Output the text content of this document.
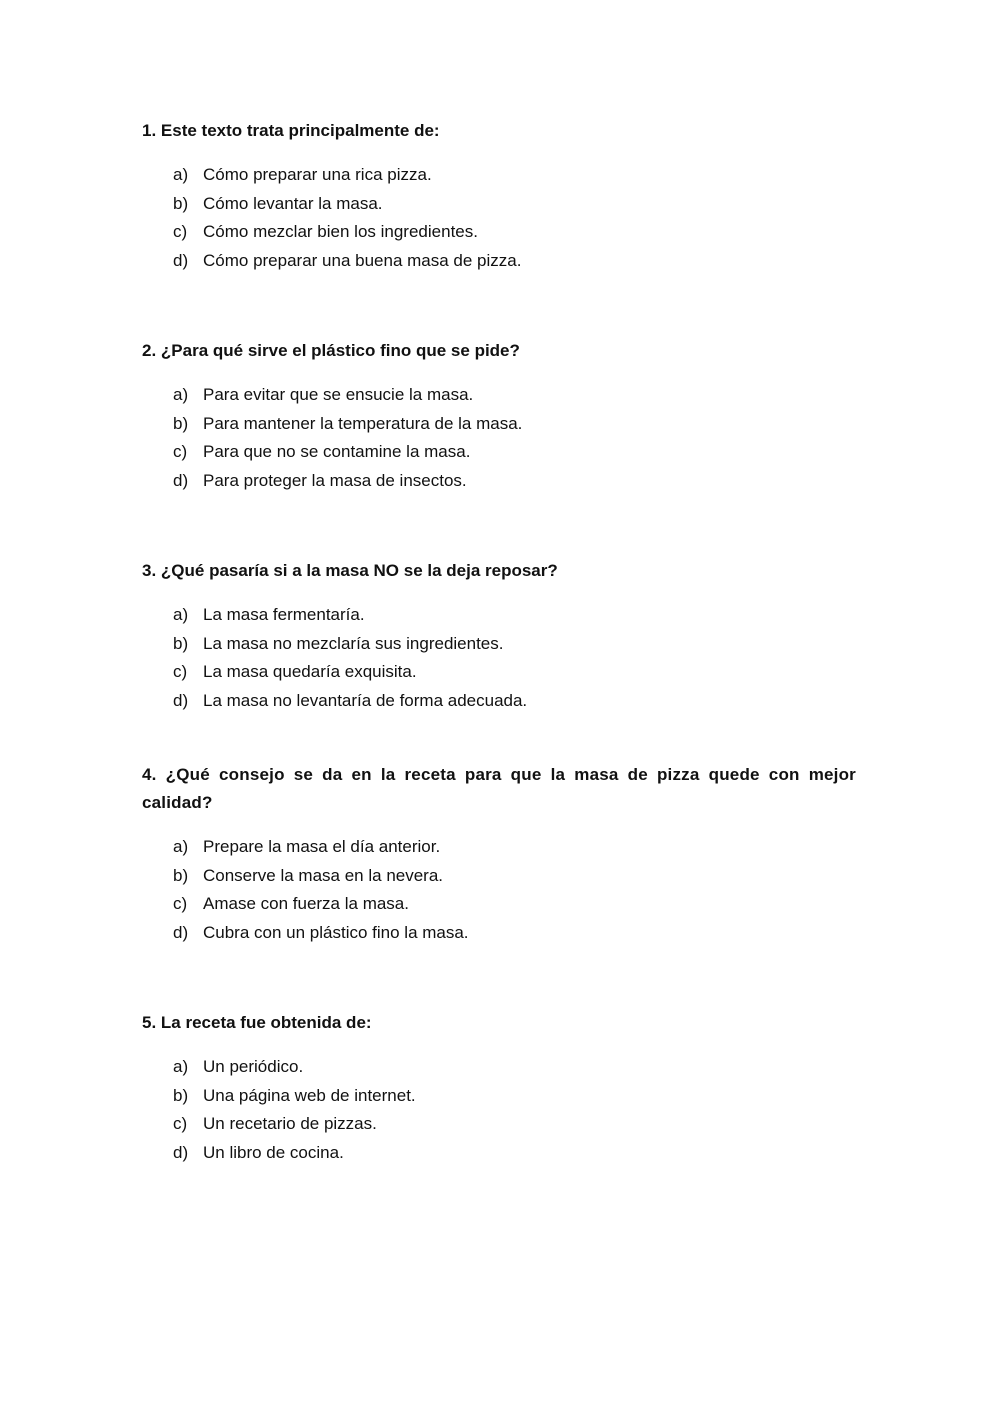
1. Este texto trata principalmente de:

a) Cómo preparar una rica pizza.
b) Cómo levantar la masa.
c) Cómo mezclar bien los ingredientes.
d) Cómo preparar una buena masa de pizza.

2. ¿Para qué sirve el plástico fino que se pide?

a) Para evitar que se ensucie la masa.
b) Para mantener la temperatura de la masa.
c) Para que no se contamine la masa.
d) Para proteger la masa de insectos.

3. ¿Qué pasaría si a la masa NO se la deja reposar?

a) La masa fermentaría.
b) La masa no mezclaría sus ingredientes.
c) La masa quedaría exquisita.
d) La masa no levantaría de forma adecuada.

4. ¿Qué consejo se da en la receta para que la masa de pizza quede con mejor calidad?

a) Prepare la masa el día anterior.
b) Conserve la masa en la nevera.
c) Amase con fuerza la masa.
d) Cubra con un plástico fino la masa.

5. La receta fue obtenida de:

a) Un periódico.
b) Una página web de internet.
c) Un recetario de pizzas.
d) Un libro de cocina.
